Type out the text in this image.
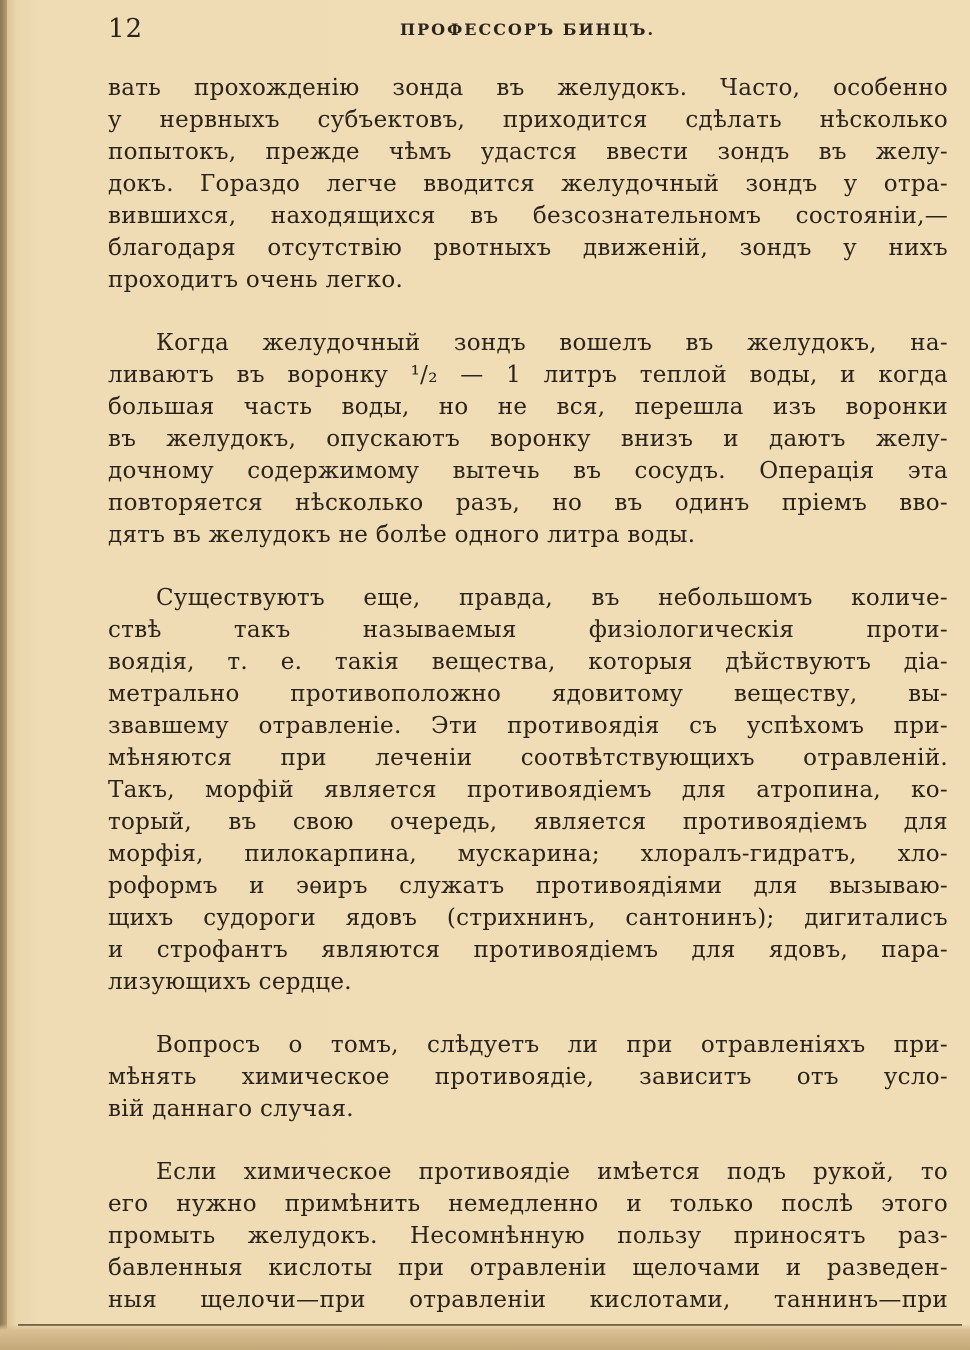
12	ПРОФЕССОРЪ БИНЦЪ.
вать прохожденію зонда въ желудокъ. Часто, особенно
у нервныхъ субъектовъ, приходится сдѣлать нѣсколько
попытокъ, прежде чѣмъ удастся ввести зондъ въ желу-
докъ. Гораздо легче вводится желудочный зондъ у отра-
вившихся, находящихся въ безсознательномъ состояніи,—
благодаря отсутствію рвотныхъ движеній, зондъ у нихъ
проходитъ очень легко.
Когда желудочный зондъ вошелъ въ желудокъ, на-
ливаютъ въ воронку ¹/₂ — 1 литръ теплой воды, и когда
большая часть воды, но не вся, перешла изъ воронки
въ желудокъ, опускаютъ воронку внизъ и даютъ желу-
дочному содержимому вытечь въ сосудъ. Операція эта
повторяется нѣсколько разъ, но въ одинъ пріемъ вво-
дятъ въ желудокъ не болѣе одного литра воды.
Существуютъ еще, правда, въ небольшомъ количе-
ствѣ такъ называемыя физіологическія проти-
воядія, т. е. такія вещества, которыя дѣйствуютъ діа-
метрально противоположно ядовитому веществу, вы-
звавшему отравленіе. Эти противоядія съ успѣхомъ при-
мѣняются при леченіи соотвѣтствующихъ отравленій.
Такъ, морфій является противоядіемъ для атропина, ко-
торый, въ свою очередь, является противоядіемъ для
морфія, пилокарпина, мускарина; хлоралъ-гидратъ, хло-
роформъ и эѳиръ служатъ противоядіями для вызываю-
щихъ судороги ядовъ (стрихнинъ, сантонинъ); дигиталисъ
и строфантъ являются противоядіемъ для ядовъ, пара-
лизующихъ сердце.
Вопросъ о томъ, слѣдуетъ ли при отравленіяхъ при-
мѣнять химическое противоядіе, зависитъ отъ усло-
вій даннаго случая.
Если химическое противоядіе имѣется подъ рукой, то
его нужно примѣнить немедленно и только послѣ этого
промыть желудокъ. Несомнѣнную пользу приносятъ раз-
бавленныя кислоты при отравленіи щелочами и разведен-
ныя щелочи—при отравленіи кислотами, таннинъ—при
